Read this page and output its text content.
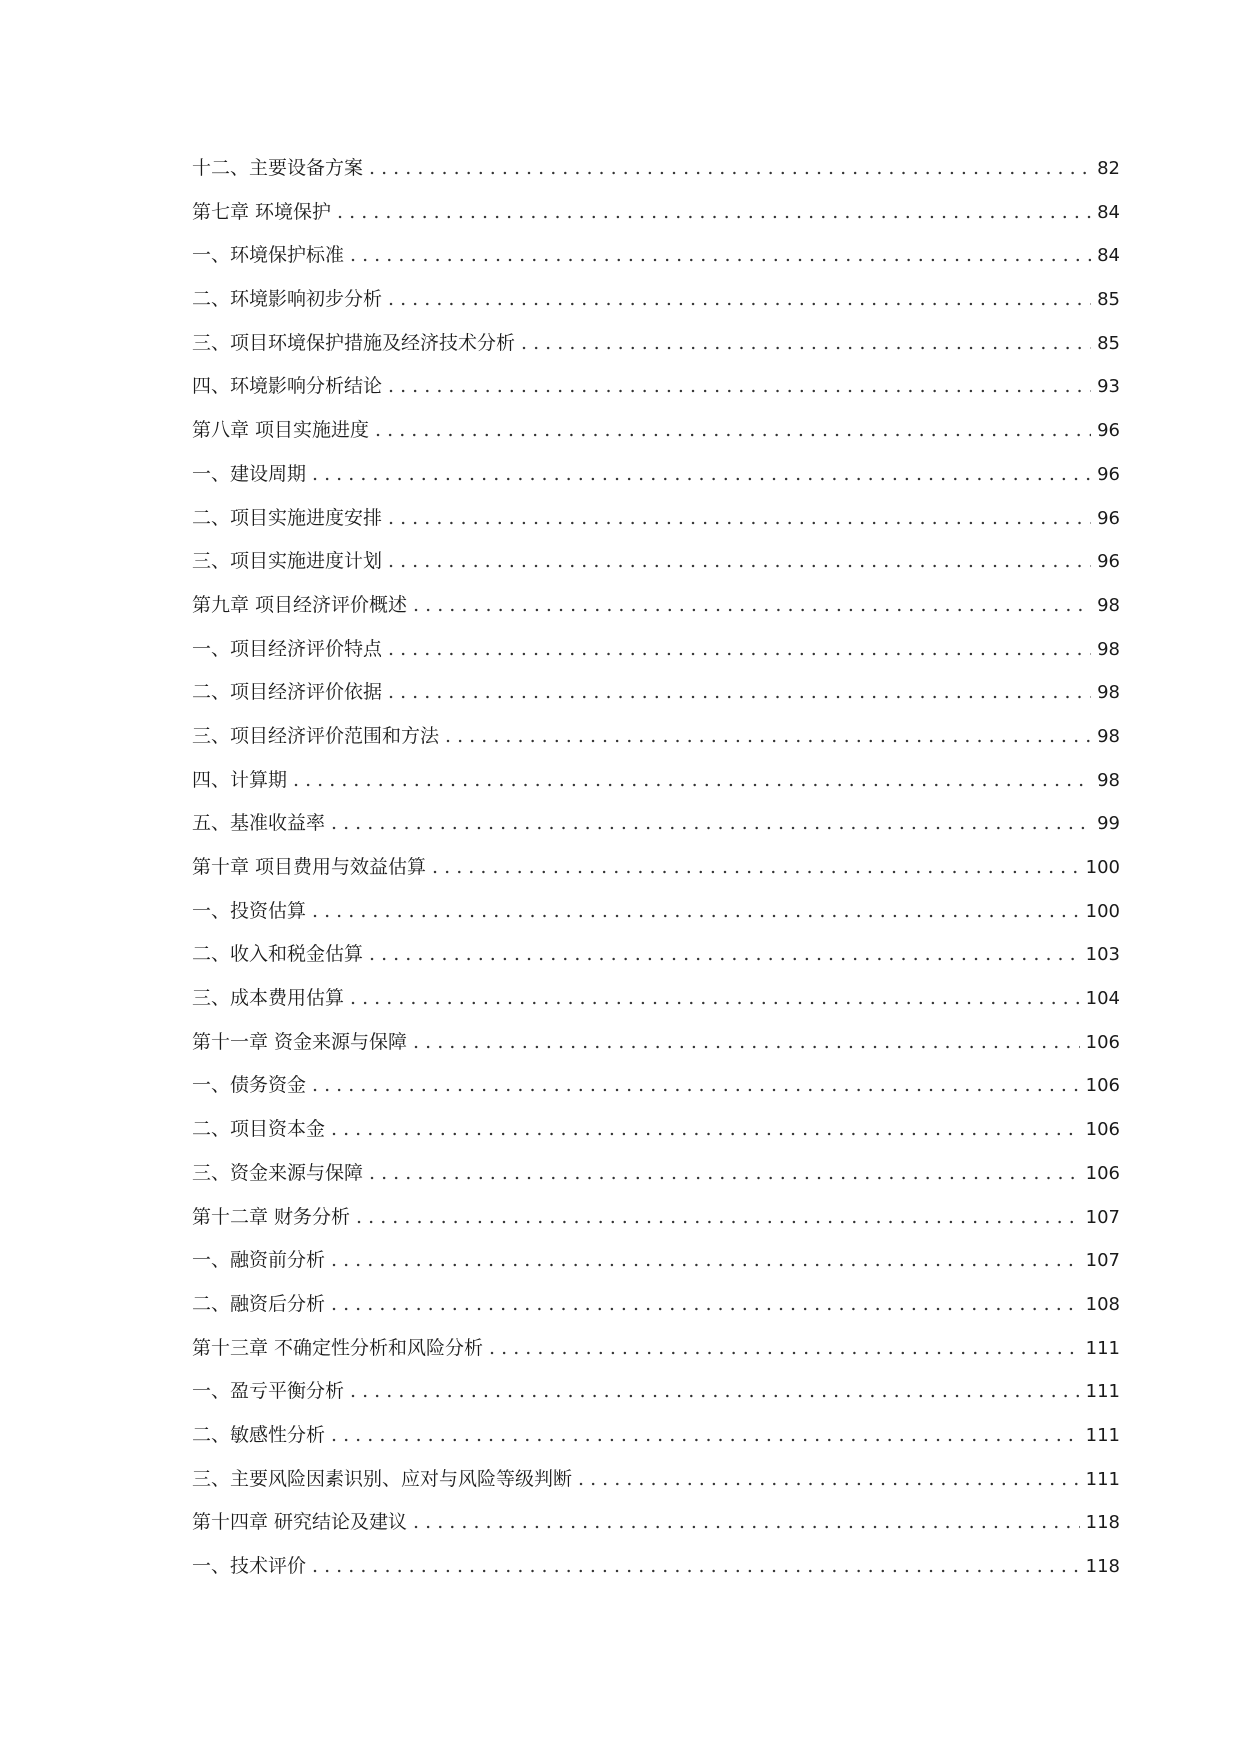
十二、主要设备方案 . . .	82
第七章 环境保护 . . .	84
一、环境保护标准 . . .	84
二、环境影响初步分析 . . .	85
三、项目环境保护措施及经济技术分析 . . .	85
四、环境影响分析结论 . . .	93
第八章 项目实施进度 . . .	96
一、建设周期 . . .	96
二、项目实施进度安排 . . .	96
三、项目实施进度计划 . . .	96
第九章 项目经济评价概述 . . .	98
一、项目经济评价特点 . . .	98
二、项目经济评价依据 . . .	98
三、项目经济评价范围和方法 . . .	98
四、计算期 . . .	98
五、基准收益率 . . .	99
第十章 项目费用与效益估算 . . .	100
一、投资估算 . . .	100
二、收入和税金估算 . . .	103
三、成本费用估算 . . .	104
第十一章 资金来源与保障 . . .	106
一、债务资金 . . .	106
二、项目资本金 . . .	106
三、资金来源与保障 . . .	106
第十二章 财务分析 . . .	107
一、融资前分析 . . .	107
二、融资后分析 . . .	108
第十三章 不确定性分析和风险分析 . . .	111
一、盈亏平衡分析 . . .	111
二、敏感性分析 . . .	111
三、主要风险因素识别、应对与风险等级判断 . . .	111
第十四章 研究结论及建议 . . .	118
一、技术评价 . . .	118
